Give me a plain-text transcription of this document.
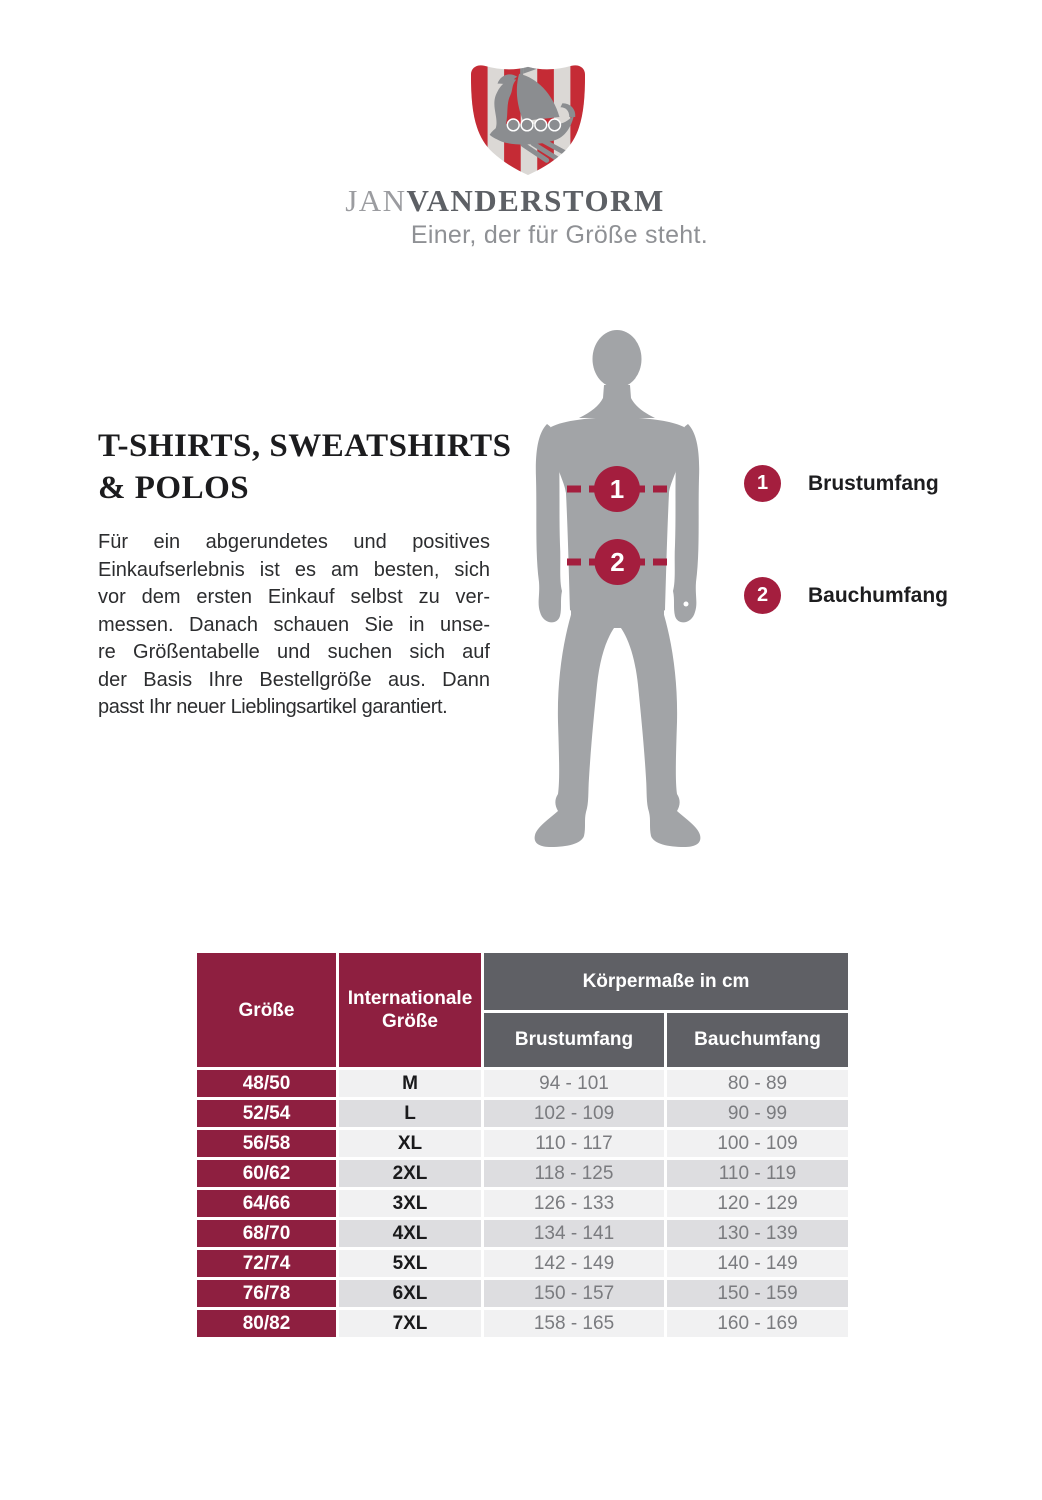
JANVANDERSTORM
Einer, der für Größe steht.
T-SHIRTS, SWEATSHIRTS
& POLOS
Für ein abgerundetes und positives
Einkaufserlebnis ist es am besten, sich
vor dem ersten Einkauf selbst zu ver-
messen. Danach schauen Sie in unse-
re Größentabelle und suchen sich auf
der Basis Ihre Bestellgröße aus. Dann
passt Ihr neuer Lieblingsartikel garantiert.
1
2
1	Brustumfang
2	Bauchumfang
Größe
Internationale Größe
Körpermaße in cm
Brustumfang	Bauchumfang
48/50	M	94 - 101	80 - 89
52/54	L	102 - 109	90 - 99
56/58	XL	110 - 117	100 - 109
60/62	2XL	118 - 125	110 - 119
64/66	3XL	126 - 133	120 - 129
68/70	4XL	134 - 141	130 - 139
72/74	5XL	142 - 149	140 - 149
76/78	6XL	150 - 157	150 - 159
80/82	7XL	158 - 165	160 - 169
